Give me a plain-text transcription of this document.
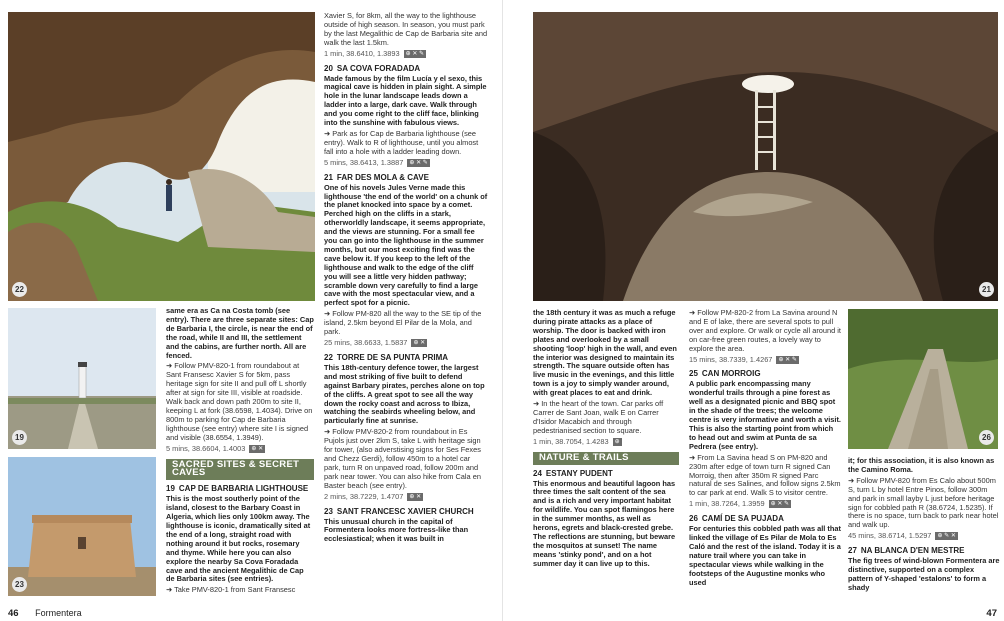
22
19
23

same era as Ca na Costa tomb (see entry). There are three separate sites: Cap de Barbaria I, the circle, is near the end of the road, while II and III, the settlement and the cabins, are further north. All are fenced.

➜ Follow PMV-820-1 from roundabout at Sant Fransesc Xavier S for 5km, pass heritage sign for site II and pull off L shortly after at sign for site III, visible at roadside. Walk back and down path 200m to site II, keeping L at fork (38.6598, 1.4034). Drive on 800m to parking for Cap de Barbaria lighthouse (see entry) where site I is signed and visible (38.6554, 1.3949).

5 mins, 38.6604, 1.4003 ⊕ ✕

SACRED SITES & SECRET CAVES
19 CAP DE BARBARIA LIGHTHOUSE

This is the most southerly point of the island, closest to the Barbary Coast in Algeria, which lies only 100km away. The lighthouse is iconic, dramatically sited at the end of a long, straight road with nothing around it but rocks, rosemary and thyme. While here you can also explore the nearby Sa Cova Foradada cave and the ancient Megalithic de Cap de Barbaria sites (see entries).

➜ Take PMV-820-1 from Sant Fransesc

Xavier S, for 8km, all the way to the lighthouse outside of high season. In season, you must park by the last Megalithic de Cap de Barbaria site and walk the last 1.5km.

1 min, 38.6410, 1.3893 ⊕ ✕ ✎

20 SA COVA FORADADA

Made famous by the film Lucía y el sexo, this magical cave is hidden in plain sight. A simple hole in the lunar landscape leads down a ladder into a large, dark cave. Walk through and you come right to the cliff face, blinking into the sunshine with fabulous views.

➜ Park as for Cap de Barbaria lighthouse (see entry). Walk to R of lighthouse, until you almost fall into a hole with a ladder leading down.

5 mins, 38.6413, 1.3887 ⊕ ✕ ✎

21 FAR DES MOLA & CAVE

One of his novels Jules Verne made this lighthouse 'the end of the world' on a chunk of the planet knocked into space by a comet. Perched high on the cliffs in a stark, otherworldly landscape, it seems appropriate, and the views are stunning. For a small fee you can go into the lighthouse in the summer months, but our most exciting find was the cave below it. If you keep to the left of the lighthouse and walk to the edge of the cliff you will see a little very hidden pathway; scramble down very carefully to find a large cave with the most spectacular view, and a perfect spot for a picnic.

➜ Follow PM-820 all the way to the SE tip of the island, 2.5km beyond El Pilar de la Mola, and park.

25 mins, 38.6633, 1.5837 ⊕ ✕

22 TORRE DE SA PUNTA PRIMA

This 18th-century defence tower, the largest and most striking of five built to defend against Barbary pirates, perches alone on top of the cliffs. A great spot to see all the way down the rocky coast and across to Ibiza, watching the seabirds wheeling below, and particularly fine at sunrise.

➜ Follow PMV-820-2 from roundabout in Es Pujols just over 2km S, take L with heritage sign for tower, (also adverstising signs for Ses Fexes and Chezz Gerdi), follow 450m to a hotel car park, turn R on unpaved road, follow 200m and park near tower. You can also hike from Cala en Baster beach (see entry).

2 mins, 38.7229, 1.4707 ⊕ ✕

23 SANT FRANCESC XAVIER CHURCH

This unusual church in the capital of Formentera looks more fortress-like than ecclesiastical; when it was built in

46 Formentera
21
26

the 18th century it was as much a refuge during pirate attacks as a place of worship. The door is backed with iron plates and overlooked by a small shooting 'loop' high in the wall, and even the interior was designed to maintain its strength. The square outside often has live music in the evenings, and this little town is a joy to simply wander around, with great places to eat and drink.

➜ In the heart of the town. Car parks off Carrer de Sant Joan, walk E on Carrer d'Isidor Macabich and through pedestrianised section to square.

1 min, 38.7054, 1.4283 ⊕

NATURE & TRAILS
24 ESTANY PUDENT

This enormous and beautiful lagoon has three times the salt content of the sea and is a rich and very important habitat for wildlife. You can spot flamingos here in the summer months, as well as herons, egrets and black-crested grebe. The reflections are stunning, but beware the mosquitos at sunset! The name means 'stinky pond', and on a hot summer day it can live up to this.

➜ Follow PM-820-2 from La Savina around N and E of lake, there are several spots to pull over and explore. Or walk or cycle all around it on car-free green routes, a lovely way to explore the area.

15 mins, 38.7339, 1.4267 ⊕ ✕ ✎

25 CAN MORROIG

A public park encompassing many wonderful trails through a pine forest as well as a designated picnic and BBQ spot in the shade of the trees; the welcome centre is very informative and worth a visit. This is also the starting point from which to head out and swim at Punta de sa Pedrera (see entry).

➜ From La Savina head S on PM-820 and 230m after edge of town turn R signed Can Morroig, then after 350m R signed Parc natural de ses Salines, and follow signs 2.5km to car park at end. Walk S to visitor centre.

1 min, 38.7264, 1.3959 ⊕ ✕ ✎

26 CAMÍ DE SA PUJADA

For centuries this cobbled path was all that linked the village of Es Pilar de Mola to Es Caló and the rest of the island. Today it is a nature trail where you can take in spectacular views while walking in the footsteps of the Augustine monks who used

it; for this association, it is also known as the Camino Roma.

➜ Follow PMV-820 from Es Calo about 500m S, turn L by hotel Entre Pinos, follow 300m and park in small layby L just before heritage sign for cobbled path R (38.6724, 1.5235). If there is no space, turn back to park near hotel and walk up.

45 mins, 38.6714, 1.5297 ⊕ ✎ ✕

27 NA BLANCA D'EN MESTRE

The fig trees of wind-blown Formentera are distinctive, supported on a complex pattern of Y-shaped 'estalons' to form a shady

47
